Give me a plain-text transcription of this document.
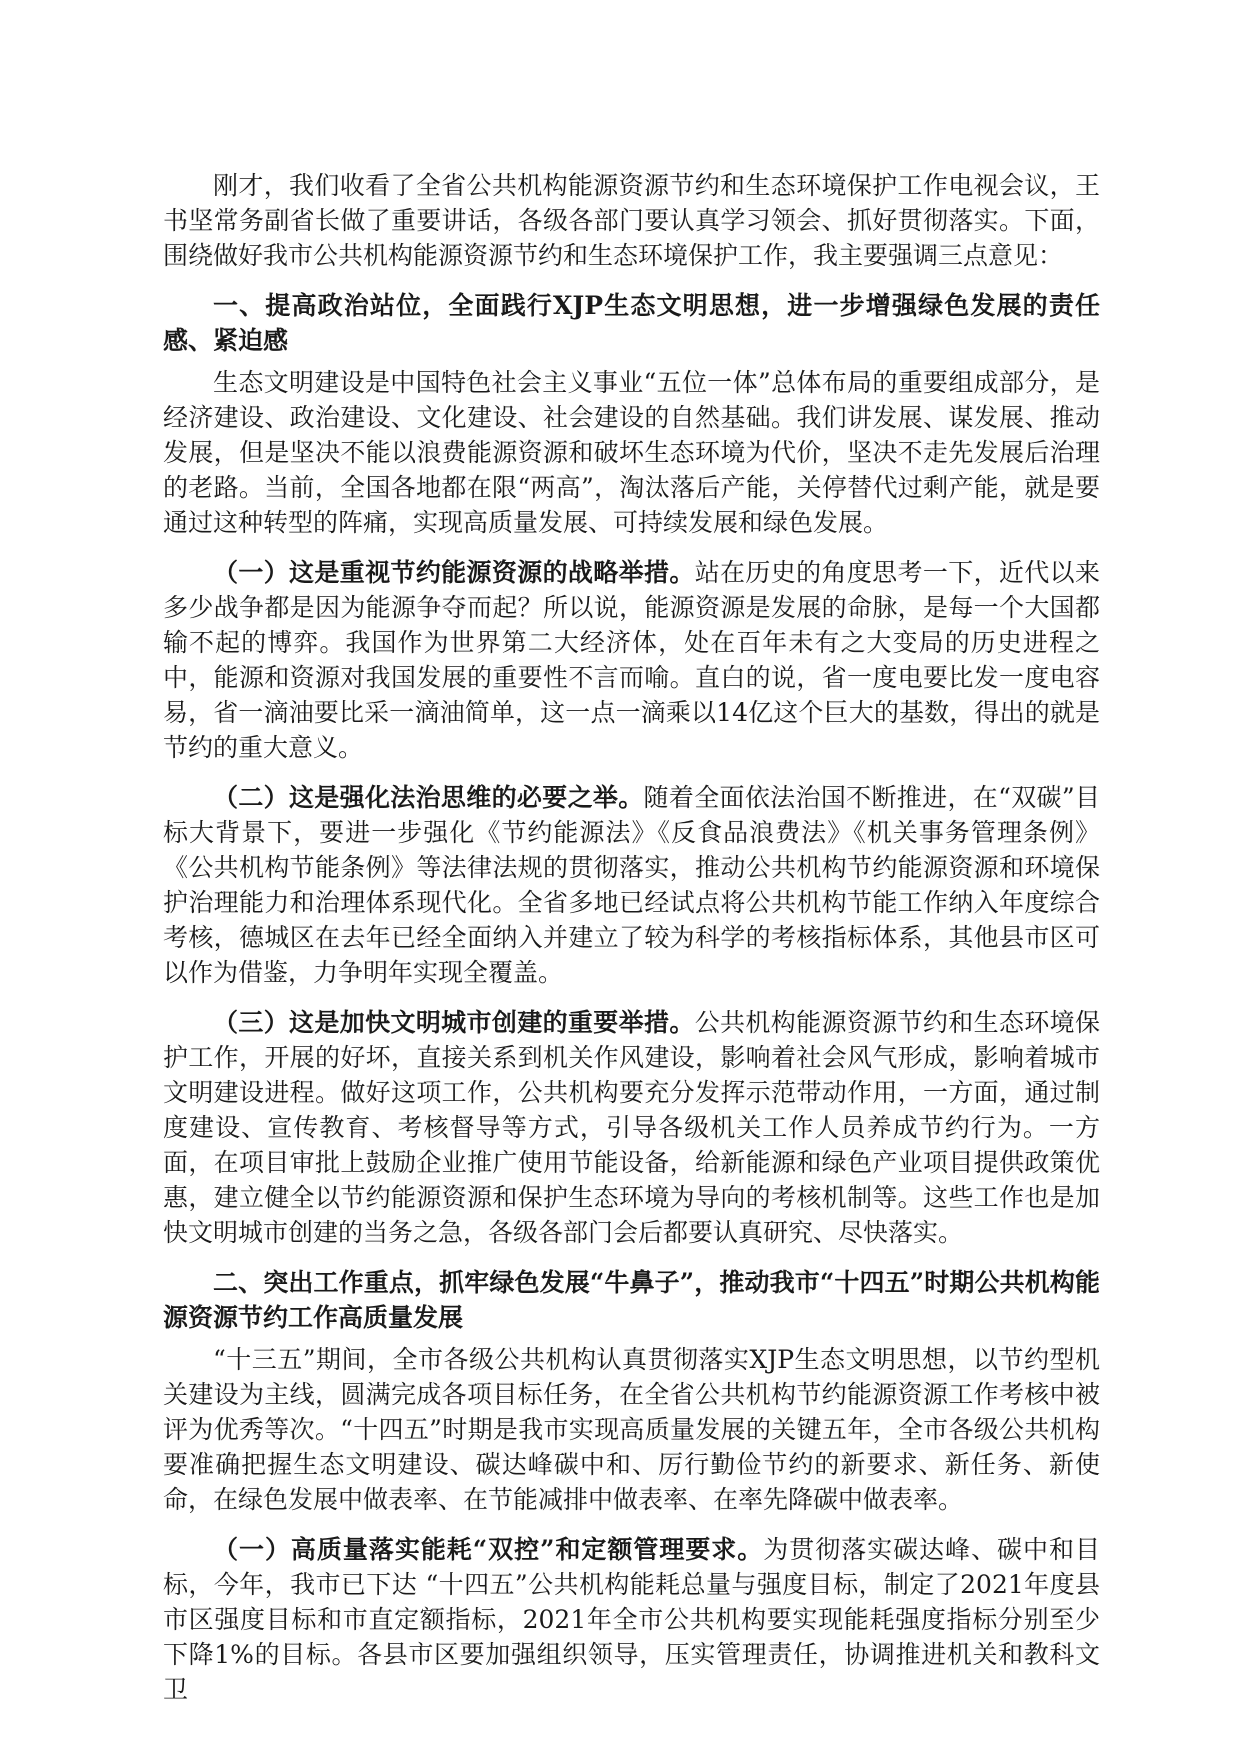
刚才，我们收看了全省公共机构能源资源节约和生态环境保护工作电视会议，王书坚常务副省长做了重要讲话，各级各部门要认真学习领会、抓好贯彻落实。下面，围绕做好我市公共机构能源资源节约和生态环境保护工作，我主要强调三点意见：

一、提高政治站位，全面践行XJP生态文明思想，进一步增强绿色发展的责任感、紧迫感

生态文明建设是中国特色社会主义事业“五位一体”总体布局的重要组成部分，是经济建设、政治建设、文化建设、社会建设的自然基础。我们讲发展、谋发展、推动发展，但是坚决不能以浪费能源资源和破坏生态环境为代价，坚决不走先发展后治理的老路。当前，全国各地都在限“两高”，淘汰落后产能，关停替代过剩产能，就是要通过这种转型的阵痛，实现高质量发展、可持续发展和绿色发展。

（一）这是重视节约能源资源的战略举措。站在历史的角度思考一下，近代以来多少战争都是因为能源争夺而起？所以说，能源资源是发展的命脉，是每一个大国都输不起的博弈。我国作为世界第二大经济体，处在百年未有之大变局的历史进程之中，能源和资源对我国发展的重要性不言而喻。直白的说，省一度电要比发一度电容易，省一滴油要比采一滴油简单，这一点一滴乘以14亿这个巨大的基数，得出的就是节约的重大意义。

（二）这是强化法治思维的必要之举。随着全面依法治国不断推进，在“双碳”目标大背景下，要进一步强化《节约能源法》《反食品浪费法》《机关事务管理条例》《公共机构节能条例》等法律法规的贯彻落实，推动公共机构节约能源资源和环境保护治理能力和治理体系现代化。全省多地已经试点将公共机构节能工作纳入年度综合考核，德城区在去年已经全面纳入并建立了较为科学的考核指标体系，其他县市区可以作为借鉴，力争明年实现全覆盖。

（三）这是加快文明城市创建的重要举措。公共机构能源资源节约和生态环境保护工作，开展的好坏，直接关系到机关作风建设，影响着社会风气形成，影响着城市文明建设进程。做好这项工作，公共机构要充分发挥示范带动作用，一方面，通过制度建设、宣传教育、考核督导等方式，引导各级机关工作人员养成节约行为。一方面，在项目审批上鼓励企业推广使用节能设备，给新能源和绿色产业项目提供政策优惠，建立健全以节约能源资源和保护生态环境为导向的考核机制等。这些工作也是加快文明城市创建的当务之急，各级各部门会后都要认真研究、尽快落实。

二、突出工作重点，抓牢绿色发展“牛鼻子”，推动我市“十四五”时期公共机构能源资源节约工作高质量发展

“十三五”期间，全市各级公共机构认真贯彻落实XJP生态文明思想，以节约型机关建设为主线，圆满完成各项目标任务，在全省公共机构节约能源资源工作考核中被评为优秀等次。“十四五”时期是我市实现高质量发展的关键五年，全市各级公共机构要准确把握生态文明建设、碳达峰碳中和、厉行勤俭节约的新要求、新任务、新使命，在绿色发展中做表率、在节能减排中做表率、在率先降碳中做表率。

（一）高质量落实能耗“双控”和定额管理要求。为贯彻落实碳达峰、碳中和目标，今年，我市已下达 “十四五”公共机构能耗总量与强度目标，制定了2021年度县市区强度目标和市直定额指标，2021年全市公共机构要实现能耗强度指标分别至少下降1%的目标。各县市区要加强组织领导，压实管理责任，协调推进机关和教科文卫
